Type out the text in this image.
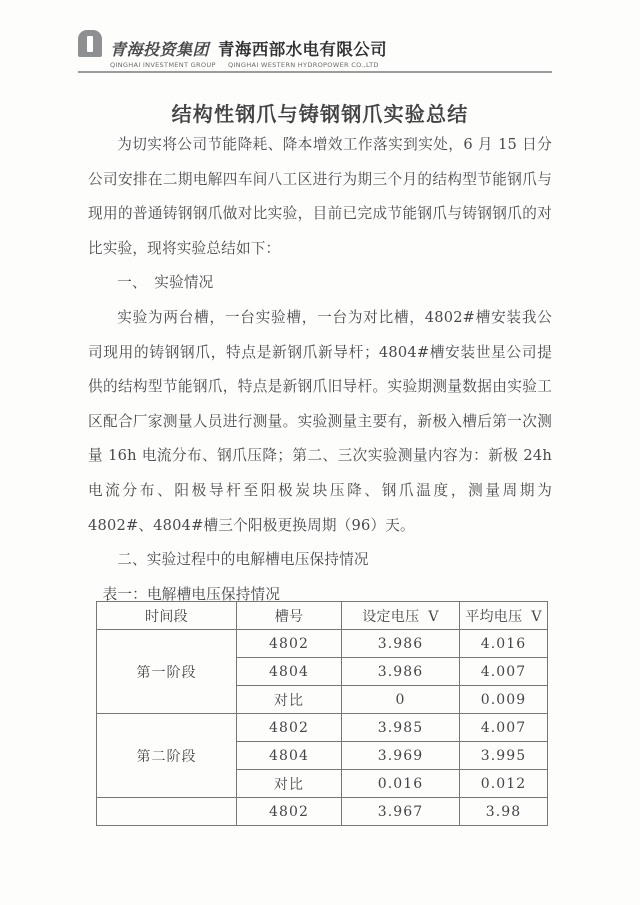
青海投资集团 青海西部水电有限公司
QINGHAI INVESTMENT GROUP QINGHAI WESTERN HYDROPOWER CO.,LTD
结构性钢爪与铸钢钢爪实验总结

为切实将公司节能降耗、降本增效工作落实到实处，6 月 15 日分公司安排在二期电解四车间八工区进行为期三个月的结构型节能钢爪与现用的普通铸钢钢爪做对比实验，目前已完成节能钢爪与铸钢钢爪的对比实验，现将实验总结如下：

一、　实验情况

实验为两台槽，一台实验槽，一台为对比槽，4802#槽安装我公司现用的铸钢钢爪，特点是新钢爪新导杆；4804#槽安装世星公司提供的结构型节能钢爪，特点是新钢爪旧导杆。实验期测量数据由实验工区配合厂家测量人员进行测量。实验测量主要有，新极入槽后第一次测量 16h 电流分布、钢爪压降；第二、三次实验测量内容为：新极 24h 电流分布、阳极导杆至阳极炭块压降、钢爪温度，测量周期为 4802#、4804#槽三个阳极更换周期（96）天。

二、实验过程中的电解槽电压保持情况

表一：电解槽电压保持情况

时间段	槽号	设定电压 V	平均电压 V
第一阶段	4802	3.986	4.016
	4804	3.986	4.007
	对比	0	0.009
第二阶段	4802	3.985	4.007
	4804	3.969	3.995
	对比	0.016	0.012
	4802	3.967	3.98
